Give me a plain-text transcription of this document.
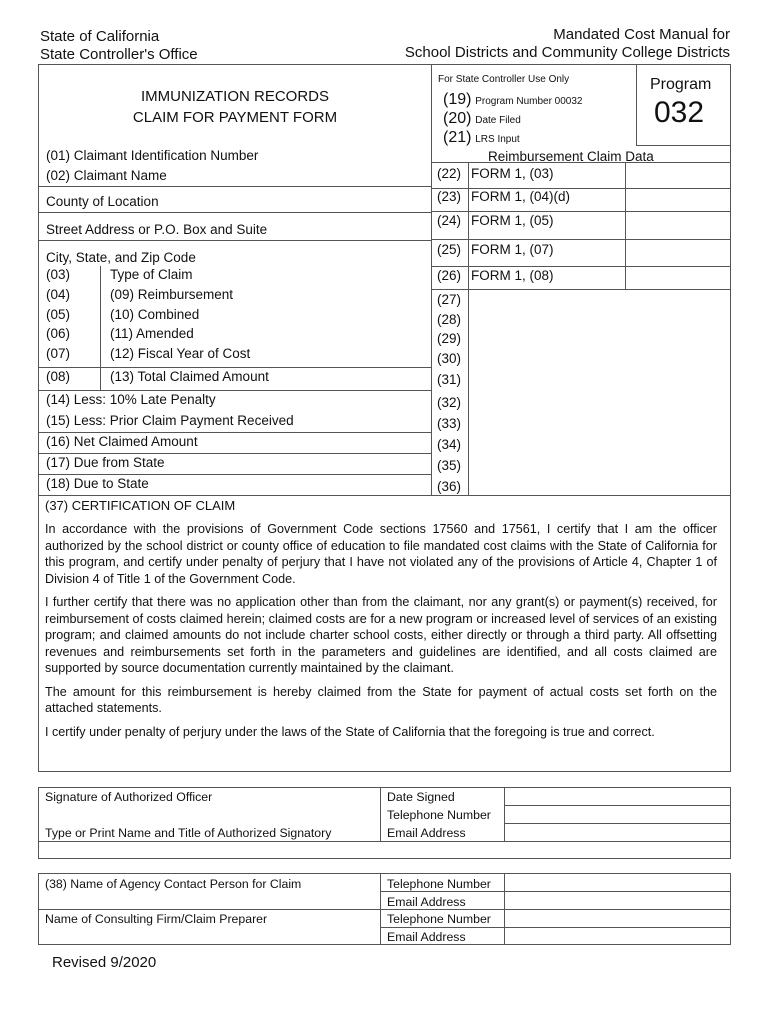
State of California
State Controller's Office
Mandated Cost Manual for
School Districts and Community College Districts
IMMUNIZATION RECORDS
CLAIM FOR PAYMENT FORM
For State Controller Use Only
(19) Program Number 00032
(20) Date Filed
(21) LRS Input
Program
032
Reimbursement Claim Data
(01) Claimant Identification Number
(02) Claimant Name
County of Location
Street Address or P.O. Box and Suite
City, State, and Zip Code
(03)	Type of Claim
(04)	(09) Reimbursement
(05)	(10) Combined
(06)	(11) Amended
(07)	(12) Fiscal Year of Cost
(08)	(13) Total Claimed Amount
(14) Less: 10% Late Penalty
(15) Less: Prior Claim Payment Received
(16) Net Claimed Amount
(17) Due from State
(18) Due to State
(22) FORM 1, (03)
(23) FORM 1, (04)(d)
(24) FORM 1, (05)
(25) FORM 1, (07)
(26) FORM 1, (08)
(27)
(28)
(29)
(30)
(31)
(32)
(33)
(34)
(35)
(36)
(37) CERTIFICATION OF CLAIM

In accordance with the provisions of Government Code sections 17560 and 17561, I certify that I am the officer authorized by the school district or county office of education to file mandated cost claims with the State of California for this program, and certify under penalty of perjury that I have not violated any of the provisions of Article 4, Chapter 1 of Division 4 of Title 1 of the Government Code.

I further certify that there was no application other than from the claimant, nor any grant(s) or payment(s) received, for reimbursement of costs claimed herein; claimed costs are for a new program or increased level of services of an existing program; and claimed amounts do not include charter school costs, either directly or through a third party. All offsetting revenues and reimbursements set forth in the parameters and guidelines are identified, and all costs claimed are supported by source documentation currently maintained by the claimant.

The amount for this reimbursement is hereby claimed from the State for payment of actual costs set forth on the attached statements.

I certify under penalty of perjury under the laws of the State of California that the foregoing is true and correct.

Signature of Authorized Officer	Date Signed
Telephone Number
Type or Print Name and Title of Authorized Signatory	Email Address
(38) Name of Agency Contact Person for Claim	Telephone Number
Email Address
Name of Consulting Firm/Claim Preparer	Telephone Number
Email Address
Revised 9/2020
